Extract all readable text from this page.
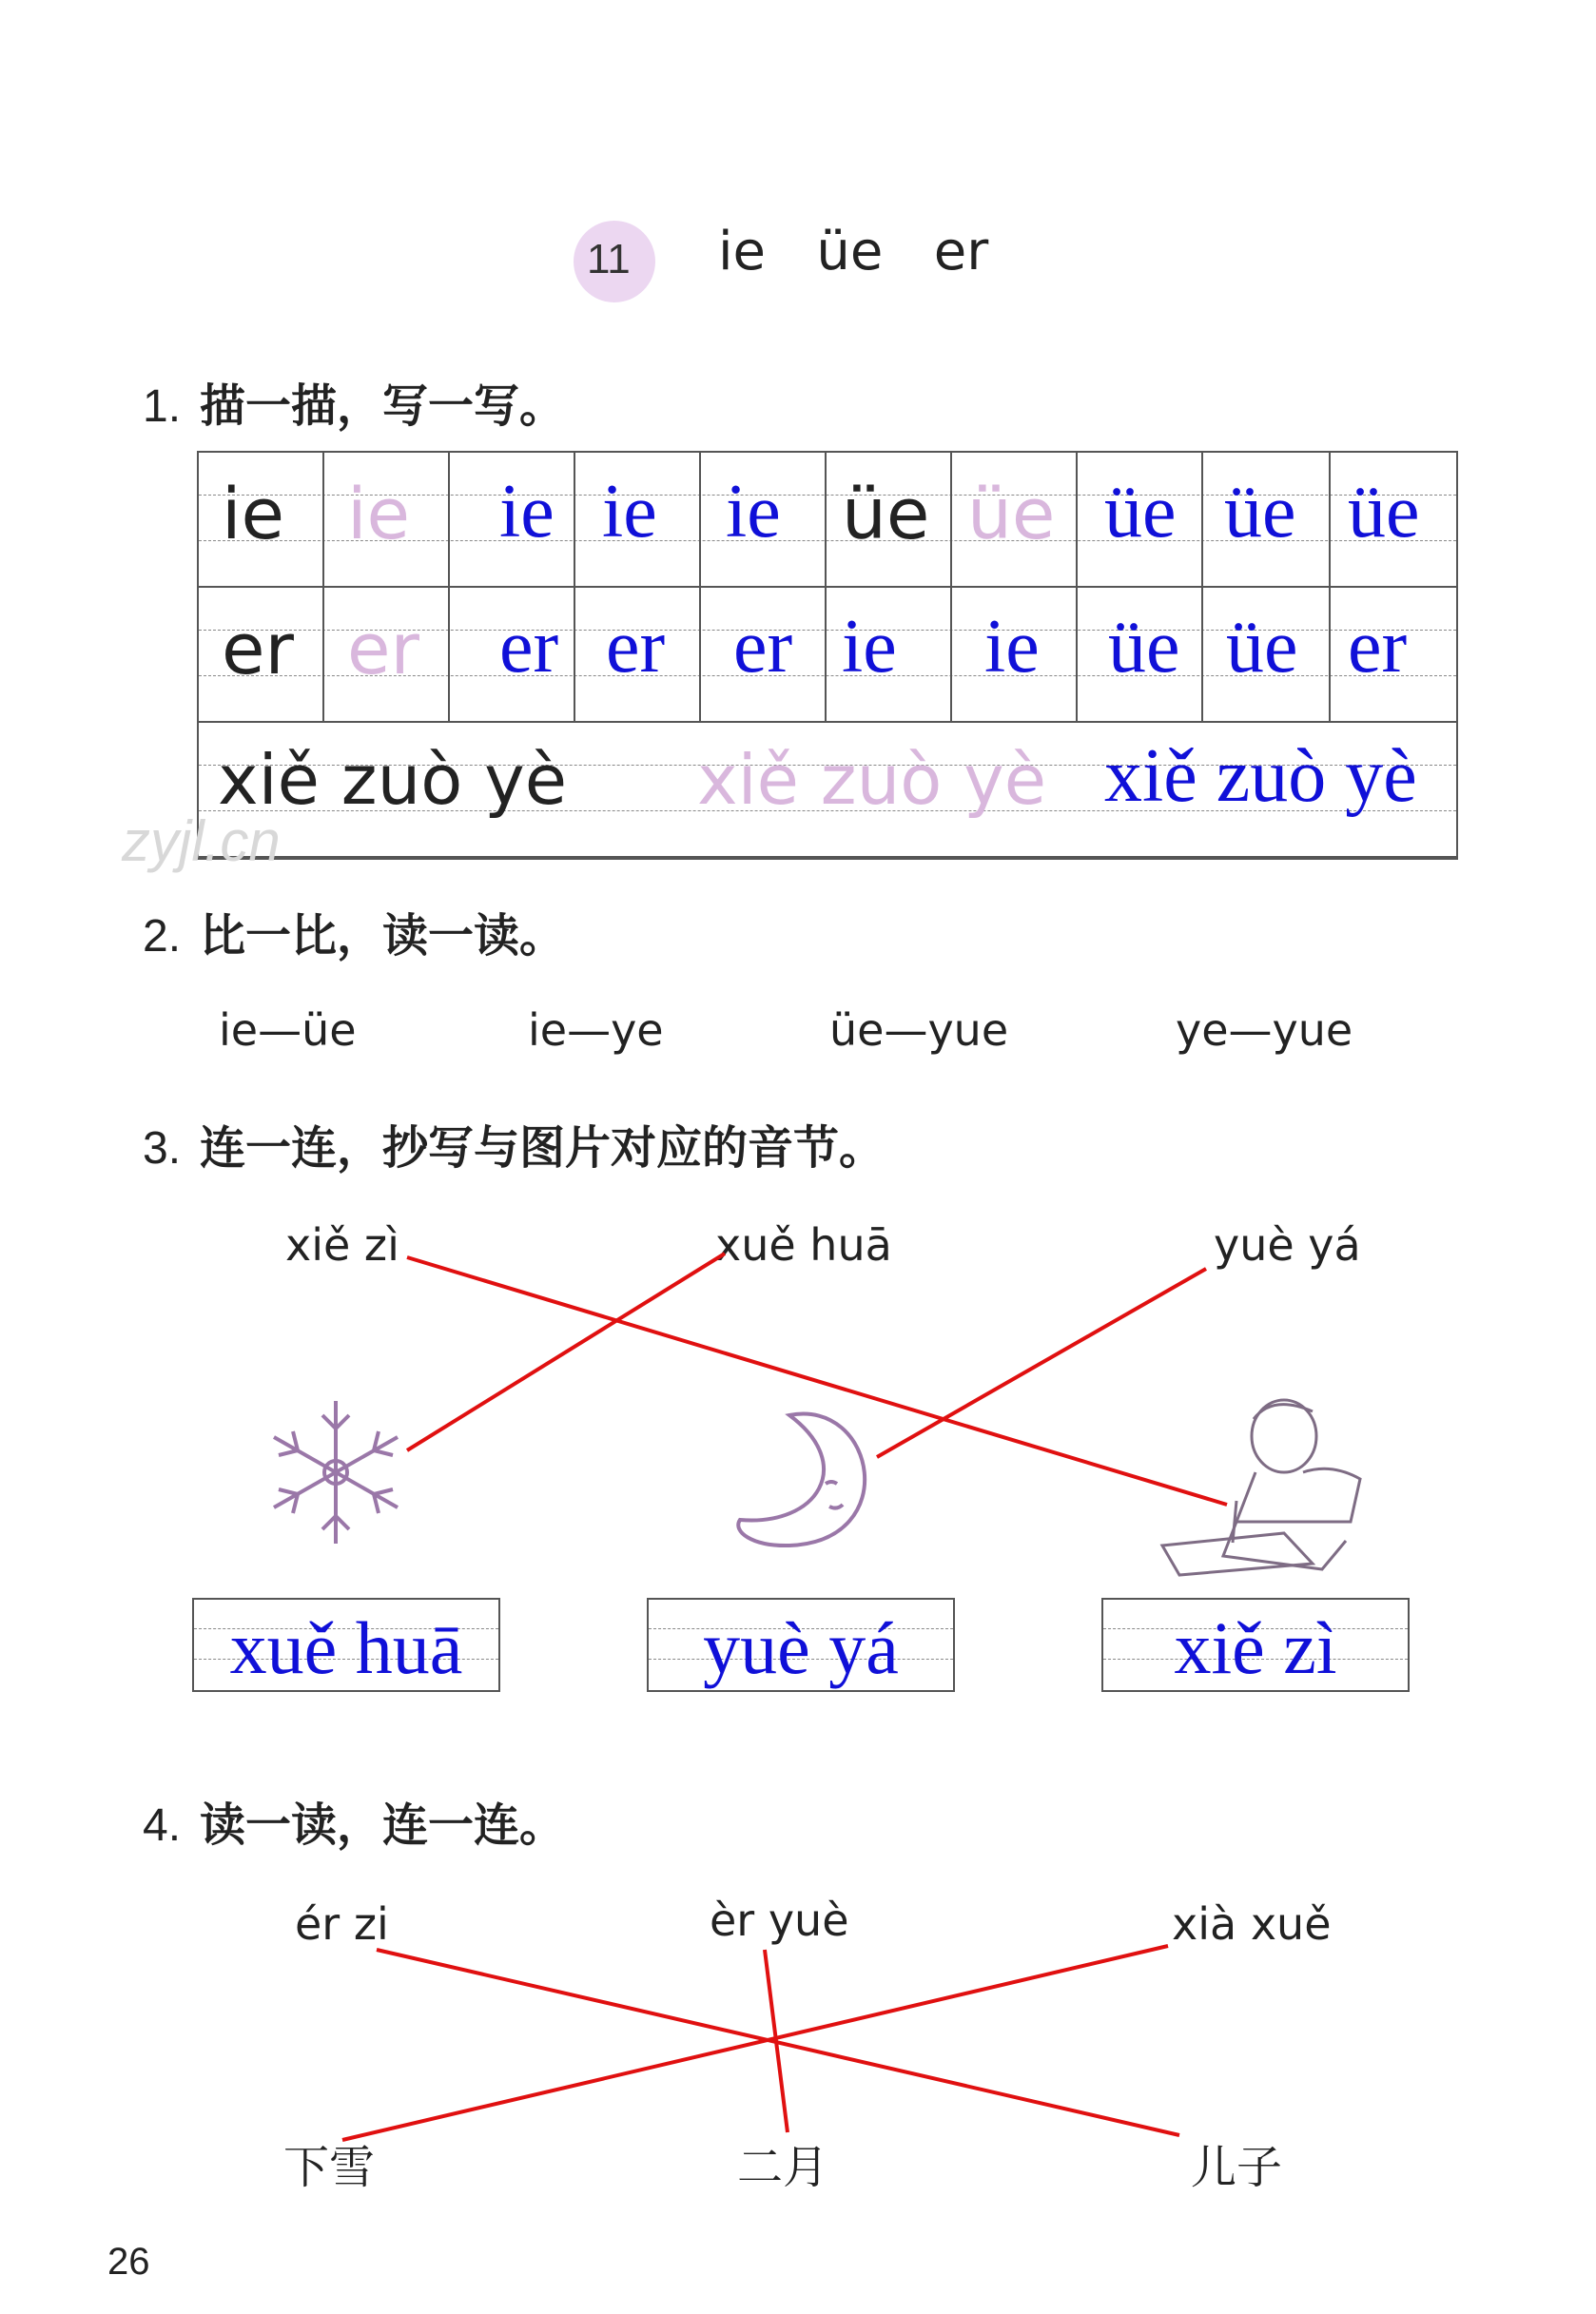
11 ie   üe   er
1. 描一描，写一写。
ie ie ie ie ie üe üe üe üe üe
er er er er er ie ie üe üe er
xiě zuò yè xiě zuò yè xiě zuò yè
zyjl.cn
2. 比一比，读一读。
ie—üe	ie—ye	üe—yue	ye—yue
3. 连一连，抄写与图片对应的音节。
xiě zì	xuě huā	yuè yá
xuě huā	yuè yá	xiě zì
4. 读一读，连一连。
ér zi	èr yuè	xià xuě
下雪	二月	儿子
26
